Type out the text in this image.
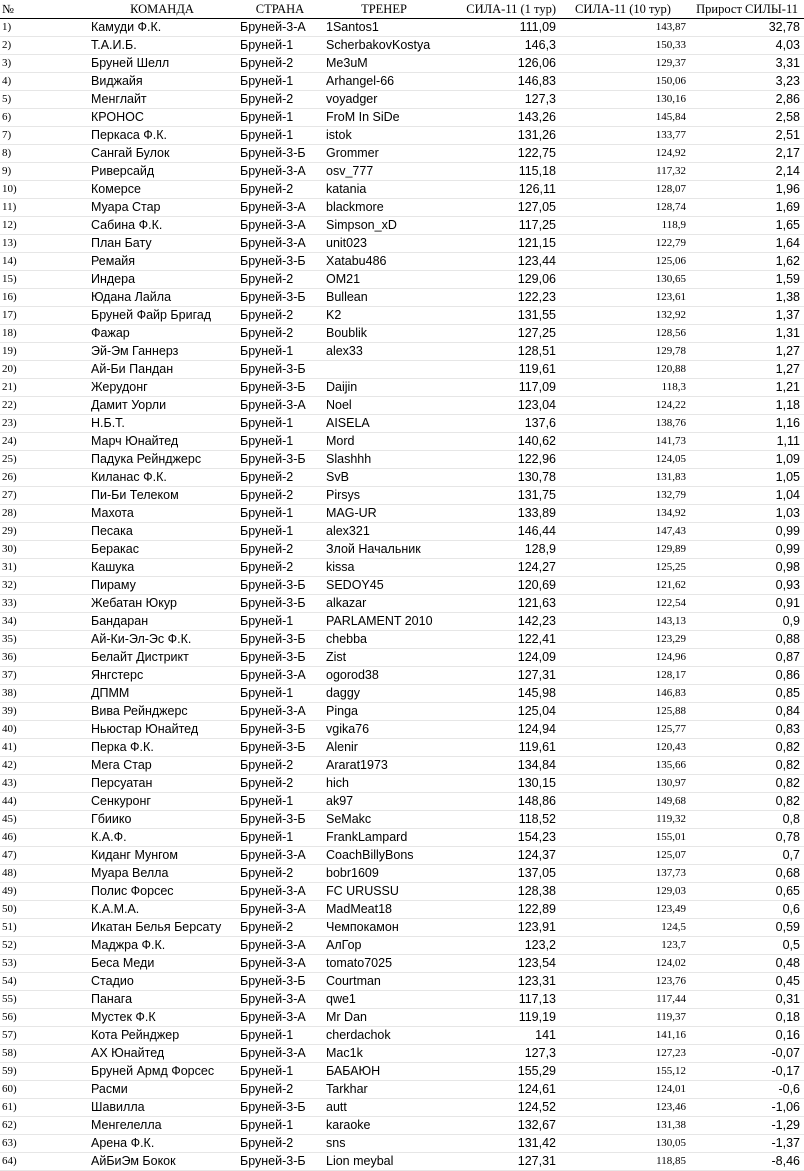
№	КОМАНДА	СТРАНА	ТРЕНЕР	СИЛА-11 (1 тур)	СИЛА-11 (10 тур)	Прирост СИЛЫ-11
1)	Камуди Ф.К.	Бруней-3-А	1Santos1	111,09	143,87	32,78
2)	Т.А.И.Б.	Бруней-1	ScherbakovKostya	146,3	150,33	4,03
3)	Бруней Шелл	Бруней-2	Me3uM	126,06	129,37	3,31
4)	Виджайя	Бруней-1	Arhangel-66	146,83	150,06	3,23
5)	Менглайт	Бруней-2	voyadger	127,3	130,16	2,86
6)	КРОНОС	Бруней-1	FroM In SiDe	143,26	145,84	2,58
7)	Перкаса Ф.К.	Бруней-1	istok	131,26	133,77	2,51
8)	Сангай Булок	Бруней-3-Б	Grommer	122,75	124,92	2,17
9)	Риверсайд	Бруней-3-А	osv_777	115,18	117,32	2,14
10)	Комерсе	Бруней-2	katania	126,11	128,07	1,96
11)	Муара Стар	Бруней-3-А	blackmore	127,05	128,74	1,69
12)	Сабина Ф.К.	Бруней-3-А	Simpson_xD	117,25	118,9	1,65
13)	План Бату	Бруней-3-А	unit023	121,15	122,79	1,64
14)	Ремайя	Бруней-3-Б	Xatabu486	123,44	125,06	1,62
15)	Индера	Бруней-2	OM21	129,06	130,65	1,59
16)	Юдана Лайла	Бруней-3-Б	Bullean	122,23	123,61	1,38
17)	Бруней Файр Бригад	Бруней-2	K2	131,55	132,92	1,37
18)	Фажар	Бруней-2	Boublik	127,25	128,56	1,31
19)	Эй-Эм Ганнерз	Бруней-1	alex33	128,51	129,78	1,27
20)	Ай-Би Пандан	Бруней-3-Б		119,61	120,88	1,27
21)	Жерудонг	Бруней-3-Б	Daijin	117,09	118,3	1,21
22)	Дамит Уорли	Бруней-3-А	Noel	123,04	124,22	1,18
23)	Н.Б.Т.	Бруней-1	AISELA	137,6	138,76	1,16
24)	Марч Юнайтед	Бруней-1	Mord	140,62	141,73	1,11
25)	Падука Рейнджерс	Бруней-3-Б	Slashhh	122,96	124,05	1,09
26)	Киланас Ф.К.	Бруней-2	SvB	130,78	131,83	1,05
27)	Пи-Би Телеком	Бруней-2	Pirsys	131,75	132,79	1,04
28)	Махота	Бруней-1	MAG-UR	133,89	134,92	1,03
29)	Песака	Бруней-1	alex321	146,44	147,43	0,99
30)	Беракас	Бруней-2	Злой Начальник	128,9	129,89	0,99
31)	Кашука	Бруней-2	kissa	124,27	125,25	0,98
32)	Пираму	Бруней-3-Б	SEDOY45	120,69	121,62	0,93
33)	Жебатан Юкур	Бруней-3-Б	alkazar	121,63	122,54	0,91
34)	Бандаран	Бруней-1	PARLAMENT 2010	142,23	143,13	0,9
35)	Ай-Ки-Эл-Эс Ф.К.	Бруней-3-Б	chebba	122,41	123,29	0,88
36)	Белайт Дистрикт	Бруней-3-Б	Zist	124,09	124,96	0,87
37)	Янгстерс	Бруней-3-А	ogorod38	127,31	128,17	0,86
38)	ДПММ	Бруней-1	daggy	145,98	146,83	0,85
39)	Вива Рейнджерс	Бруней-3-А	Pinga	125,04	125,88	0,84
40)	Ньюстар Юнайтед	Бруней-3-Б	vgika76	124,94	125,77	0,83
41)	Перка Ф.К.	Бруней-3-Б	Alenir	119,61	120,43	0,82
42)	Мега Стар	Бруней-2	Ararat1973	134,84	135,66	0,82
43)	Персуатан	Бруней-2	hich	130,15	130,97	0,82
44)	Сенкуронг	Бруней-1	ak97	148,86	149,68	0,82
45)	Гбиико	Бруней-3-Б	SeMakc	118,52	119,32	0,8
46)	К.А.Ф.	Бруней-1	FrankLampard	154,23	155,01	0,78
47)	Киданг Мунгом	Бруней-3-А	CoachBillyBons	124,37	125,07	0,7
48)	Муара Велла	Бруней-2	bobr1609	137,05	137,73	0,68
49)	Полис Форсес	Бруней-3-А	FC URUSSU	128,38	129,03	0,65
50)	К.А.М.А.	Бруней-3-А	MadMeat18	122,89	123,49	0,6
51)	Икатан Белья Берсату	Бруней-2	Чемпокамон	123,91	124,5	0,59
52)	Маджра Ф.К.	Бруней-3-А	АлГор	123,2	123,7	0,5
53)	Беса Меди	Бруней-3-А	tomato7025	123,54	124,02	0,48
54)	Стадио	Бруней-3-Б	Courtman	123,31	123,76	0,45
55)	Панага	Бруней-3-А	qwe1	117,13	117,44	0,31
56)	Мустек Ф.К	Бруней-3-А	Mr Dan	119,19	119,37	0,18
57)	Кота Рейнджер	Бруней-1	cherdachok	141	141,16	0,16
58)	АХ Юнайтед	Бруней-3-А	Mac1k	127,3	127,23	-0,07
59)	Бруней Армд Форсес	Бруней-1	БАБАЮН	155,29	155,12	-0,17
60)	Расми	Бруней-2	Tarkhar	124,61	124,01	-0,6
61)	Шавилла	Бруней-3-Б	autt	124,52	123,46	-1,06
62)	Менгелелла	Бруней-1	karaoke	132,67	131,38	-1,29
63)	Арена Ф.К.	Бруней-2	sns	131,42	130,05	-1,37
64)	АйБиЭм Бокок	Бруней-3-Б	Lion meybal	127,31	118,85	-8,46
